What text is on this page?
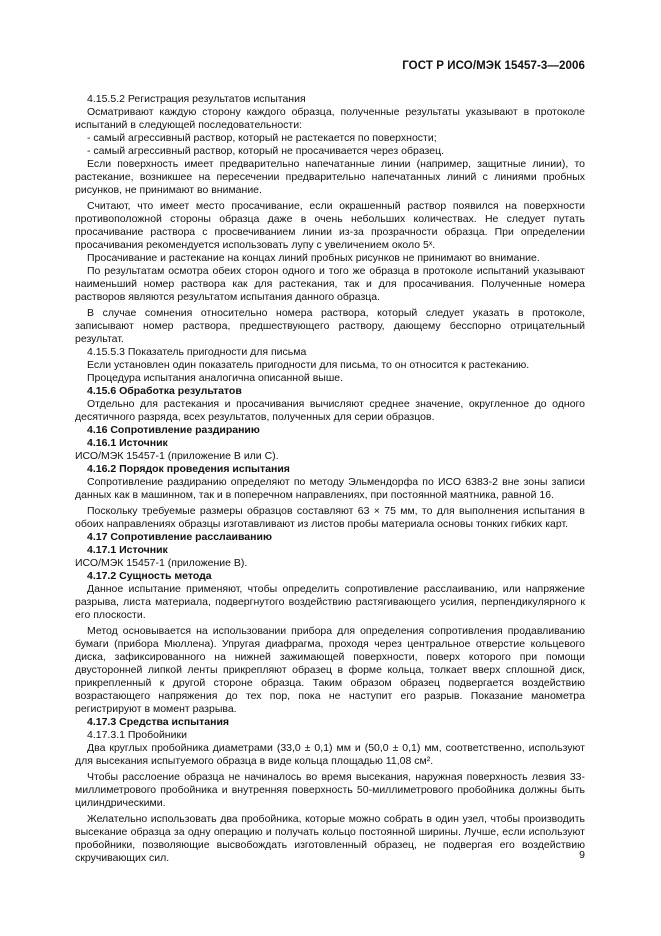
ГОСТ Р ИСО/МЭК 15457-3—2006

4.15.5.2 Регистрация результатов испытания

Осматривают каждую сторону каждого образца, полученные результаты указывают в протоколе испытаний в следующей последовательности:

- самый агрессивный раствор, который не растекается по поверхности;

- самый агрессивный раствор, который не просачивается через образец.

Если поверхность имеет предварительно напечатанные линии (например, защитные линии), то растекание, возникшее на пересечении предварительно напечатанных линий с линиями пробных рисунков, не принимают во внимание.

Считают, что имеет место просачивание, если окрашенный раствор появился на поверхности противоположной стороны образца даже в очень небольших количествах. Не следует путать просачивание раствора с просвечиванием линии из-за прозрачности образца. При определении просачивания рекомендуется использовать лупу с увеличением около 5ˣ.

Просачивание и растекание на концах линий пробных рисунков не принимают во внимание.

По результатам осмотра обеих сторон одного и того же образца в протоколе испытаний указывают наименьший номер раствора как для растекания, так и для просачивания. Полученные номера растворов являются результатом испытания данного образца.

В случае сомнения относительно номера раствора, который следует указать в протоколе, записывают номер раствора, предшествующего раствору, дающему бесспорно отрицательный результат.

4.15.5.3 Показатель пригодности для письма

Если установлен один показатель пригодности для письма, то он относится к растеканию.

Процедура испытания аналогична описанной выше.

4.15.6 Обработка результатов

Отдельно для растекания и просачивания вычисляют среднее значение, округленное до одного десятичного разряда, всех результатов, полученных для серии образцов.

4.16 Сопротивление раздиранию

4.16.1 Источник

ИСО/МЭК 15457-1 (приложение В или С).

4.16.2 Порядок проведения испытания

Сопротивление раздиранию определяют по методу Эльмендорфа по ИСО 6383-2 вне зоны записи данных как в машинном, так и в поперечном направлениях, при постоянной маятника, равной 16.

Поскольку требуемые размеры образцов составляют 63 × 75 мм, то для выполнения испытания в обоих направлениях образцы изготавливают из листов пробы материала основы тонких гибких карт.

4.17 Сопротивление расслаиванию

4.17.1 Источник

ИСО/МЭК 15457-1 (приложение В).

4.17.2 Сущность метода

Данное испытание применяют, чтобы определить сопротивление расслаиванию, или напряжение разрыва, листа материала, подвергнутого воздействию растягивающего усилия, перпендикулярного к его плоскости.

Метод основывается на использовании прибора для определения сопротивления продавливанию бумаги (прибора Мюллена). Упругая диафрагма, проходя через центральное отверстие кольцевого диска, зафиксированного на нижней зажимающей поверхности, поверх которого при помощи двусторонней липкой ленты прикрепляют образец в форме кольца, толкает вверх сплошной диск, прикрепленный к другой стороне образца. Таким образом образец подвергается воздействию возрастающего напряжения до тех пор, пока не наступит его разрыв. Показание манометра регистрируют в момент разрыва.

4.17.3 Средства испытания

4.17.3.1 Пробойники

Два круглых пробойника диаметрами (33,0 ± 0,1) мм и (50,0 ± 0,1) мм, соответственно, используют для высекания испытуемого образца в виде кольца площадью 11,08 см².

Чтобы расслоение образца не начиналось во время высекания, наружная поверхность лезвия 33-миллиметрового пробойника и внутренняя поверхность 50-миллиметрового пробойника должны быть цилиндрическими.

Желательно использовать два пробойника, которые можно собрать в один узел, чтобы производить высекание образца за одну операцию и получать кольцо постоянной ширины. Лучше, если используют пробойники, позволяющие высвобождать изготовленный образец, не подвергая его воздействию скручивающих сил.	9
